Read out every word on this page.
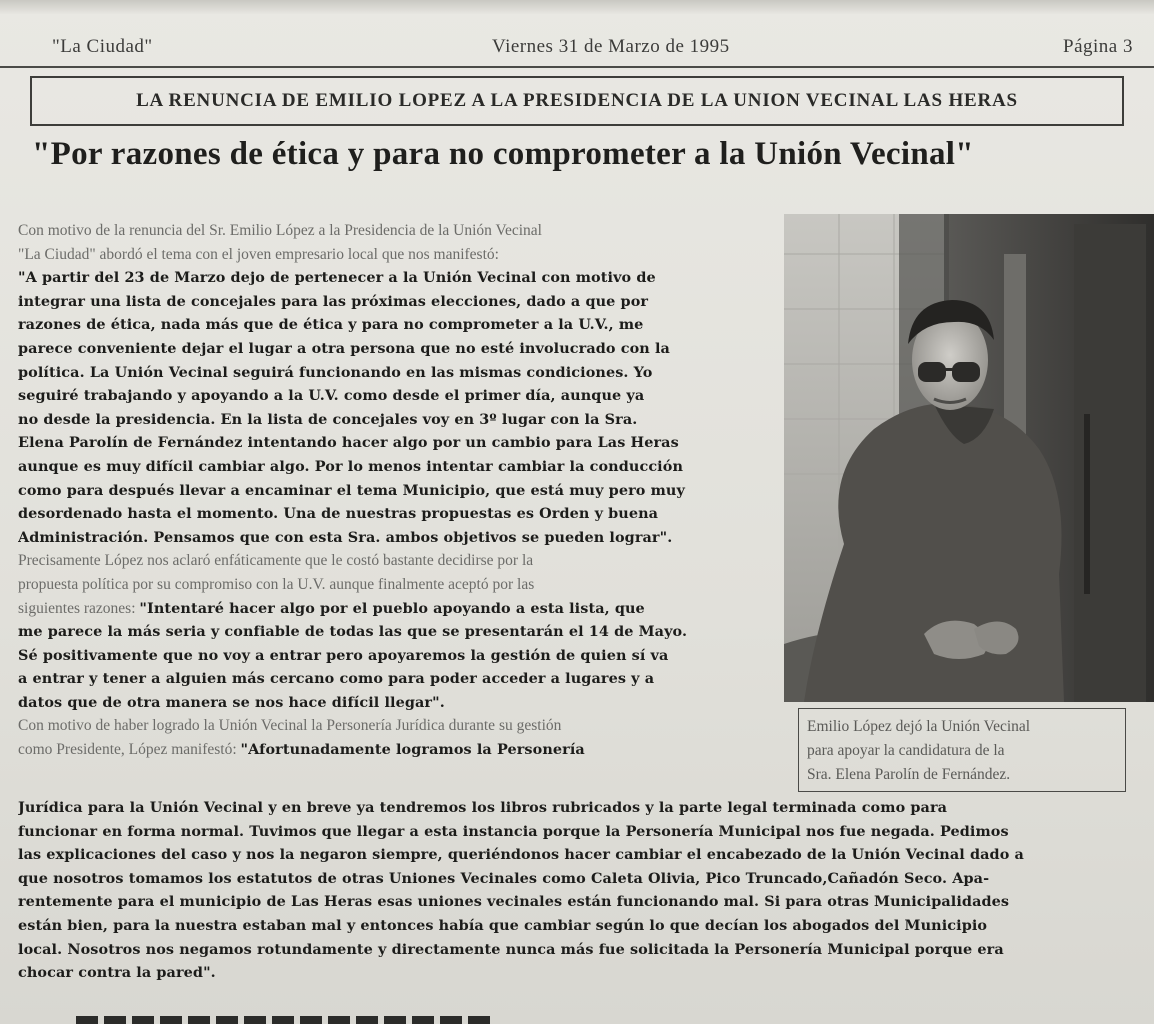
"La Ciudad"	Viernes 31 de Marzo de 1995	Página 3
LA RENUNCIA DE EMILIO LOPEZ A LA PRESIDENCIA DE LA UNION VECINAL LAS HERAS
"Por razones de ética y para no comprometer a la Unión Vecinal"
Con motivo de la renuncia del Sr. Emilio López a la Presidencia de la Unión Vecinal
"La Ciudad" abordó el tema con el joven empresario local que nos manifestó:
"A partir del 23 de Marzo dejo de pertenecer a la Unión Vecinal con motivo de
integrar una lista de concejales para las próximas elecciones, dado a que por
razones de ética, nada más que de ética y para no comprometer a la U.V., me
parece conveniente dejar el lugar a otra persona que no esté involucrado con la
política. La Unión Vecinal seguirá funcionando en las mismas condiciones. Yo
seguiré trabajando y apoyando a la U.V. como desde el primer día, aunque ya
no desde la presidencia. En la lista de concejales voy en 3º lugar con la Sra.
Elena Parolín de Fernández intentando hacer algo por un cambio para Las Heras
aunque es muy difícil cambiar algo. Por lo menos intentar cambiar la conducción
como para después llevar a encaminar el tema Municipio, que está muy pero muy
desordenado hasta el momento. Una de nuestras propuestas es Orden y buena
Administración. Pensamos que con esta Sra. ambos objetivos se pueden lograr".
Precisamente López nos aclaró enfáticamente que le costó bastante decidirse por la
propuesta política por su compromiso con la U.V. aunque finalmente aceptó por las
siguientes razones: "Intentaré hacer algo por el pueblo apoyando a esta lista, que
me parece la más seria y confiable de todas las que se presentarán el 14 de Mayo.
Sé positivamente que no voy a entrar pero apoyaremos la gestión de quien sí va
a entrar y tener a alguien más cercano como para poder acceder a lugares y a
datos que de otra manera se nos hace difícil llegar".
Con motivo de haber logrado la Unión Vecinal la Personería Jurídica durante su gestión
como Presidente, López manifestó: "Afortunadamente logramos la Personería
Jurídica para la Unión Vecinal y en breve ya tendremos los libros rubricados y la parte legal terminada como para
funcionar en forma normal. Tuvimos que llegar a esta instancia porque la Personería Municipal nos fue negada. Pedimos
las explicaciones del caso y nos la negaron siempre, queriéndonos hacer cambiar el encabezado de la Unión Vecinal dado a
que nosotros tomamos los estatutos de otras Uniones Vecinales como Caleta Olivia, Pico Truncado,Cañadón Seco. Apa-
rentemente para el municipio de Las Heras esas uniones vecinales están funcionando mal. Si para otras Municipalidades
están bien, para la nuestra estaban mal y entonces había que cambiar según lo que decían los abogados del Municipio
local. Nosotros nos negamos rotundamente y directamente nunca más fue solicitada la Personería Municipal porque era
chocar contra la pared".
Emilio López dejó la Unión Vecinal
para apoyar la candidatura de la
Sra. Elena Parolín de Fernández.
